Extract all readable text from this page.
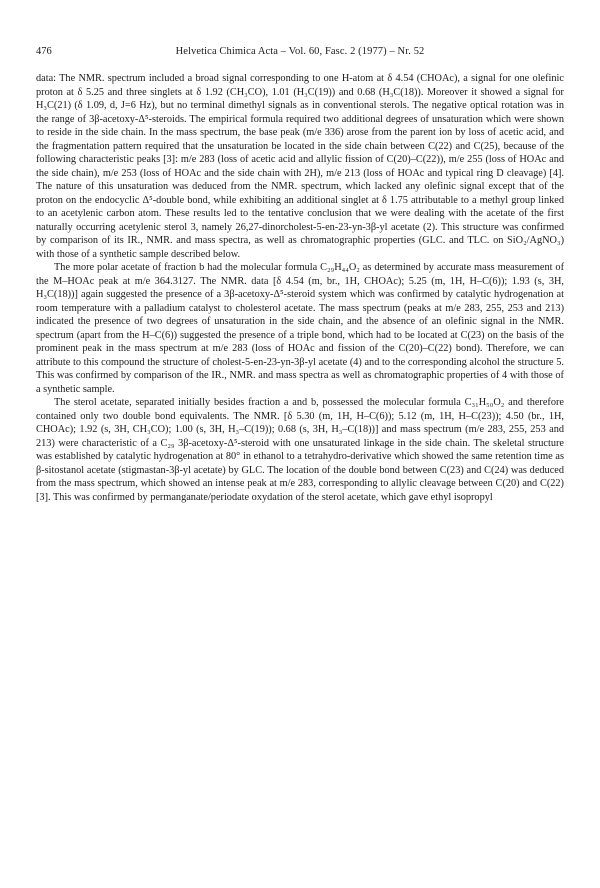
476	Helvetica Chimica Acta – Vol. 60, Fasc. 2 (1977) – Nr. 52

data: The NMR. spectrum included a broad signal corresponding to one H-atom at δ 4.54 (CHOAc), a signal for one olefinic proton at δ 5.25 and three singlets at δ 1.92 (CH₃CO), 1.01 (H₃C(19)) and 0.68 (H₃C(18)). Moreover it showed a signal for H₃C(21) (δ 1.09, d, J=6 Hz), but no terminal dimethyl signals as in conventional sterols. The negative optical rotation was in the range of 3β-acetoxy-Δ⁵-steroids. The empirical formula required two additional degrees of unsaturation which were shown to reside in the side chain. In the mass spectrum, the base peak (m/e 336) arose from the parent ion by loss of acetic acid, and the fragmentation pattern required that the unsaturation be located in the side chain between C(22) and C(25), because of the following characteristic peaks [3]: m/e 283 (loss of acetic acid and allylic fission of C(20)–C(22)), m/e 255 (loss of HOAc and the side chain), m/e 253 (loss of HOAc and the side chain with 2H), m/e 213 (loss of HOAc and typical ring D cleavage) [4]. The nature of this unsaturation was deduced from the NMR. spectrum, which lacked any olefinic signal except that of the proton on the endocyclic Δ⁵-double bond, while exhibiting an additional singlet at δ 1.75 attributable to a methyl group linked to an acetylenic carbon atom. These results led to the tentative conclusion that we were dealing with the acetate of the first naturally occurring acetylenic sterol 3, namely 26,27-dinorcholest-5-en-23-yn-3β-yl acetate (2). This structure was confirmed by comparison of its IR., NMR. and mass spectra, as well as chromatographic properties (GLC. and TLC. on SiO₂/AgNO₃) with those of a synthetic sample described below.

The more polar acetate of fraction b had the molecular formula C₂₉H₄₄O₂ as determined by accurate mass measurement of the M–HOAc peak at m/e 364.3127. The NMR. data [δ 4.54 (m, br., 1H, CHOAc); 5.25 (m, 1H, H–C(6)); 1.93 (s, 3H, H₃C(18))] again suggested the presence of a 3β-acetoxy-Δ⁵-steroid system which was confirmed by catalytic hydrogenation at room temperature with a palladium catalyst to cholesterol acetate. The mass spectrum (peaks at m/e 283, 255, 253 and 213) indicated the presence of two degrees of unsaturation in the side chain, and the absence of an olefinic signal in the NMR. spectrum (apart from the H–C(6)) suggested the presence of a triple bond, which had to be located at C(23) on the basis of the prominent peak in the mass spectrum at m/e 283 (loss of HOAc and fission of the C(20)–C(22) bond). Therefore, we can attribute to this compound the structure of cholest-5-en-23-yn-3β-yl acetate (4) and to the corresponding alcohol the structure 5. This was confirmed by comparison of the IR., NMR. and mass spectra as well as chromatographic properties of 4 with those of a synthetic sample.

The sterol acetate, separated initially besides fraction a and b, possessed the molecular formula C₃₁H₅₀O₂ and therefore contained only two double bond equivalents. The NMR. [δ 5.30 (m, 1H, H–C(6)); 5.12 (m, 1H, H–C(23)); 4.50 (br., 1H, CHOAc); 1.92 (s, 3H, CH₃CO); 1.00 (s, 3H, H₃–C(19)); 0.68 (s, 3H, H₃–C(18))] and mass spectrum (m/e 283, 255, 253 and 213) were characteristic of a C₂₉ 3β-acetoxy-Δ⁵-steroid with one unsaturated linkage in the side chain. The skeletal structure was established by catalytic hydrogenation at 80° in ethanol to a tetrahydro-derivative which showed the same retention time as β-sitostanol acetate (stigmastan-3β-yl acetate) by GLC. The location of the double bond between C(23) and C(24) was deduced from the mass spectrum, which showed an intense peak at m/e 283, corresponding to allylic cleavage between C(20) and C(22) [3]. This was confirmed by permanganate/periodate oxydation of the sterol acetate, which gave ethyl isopropyl
